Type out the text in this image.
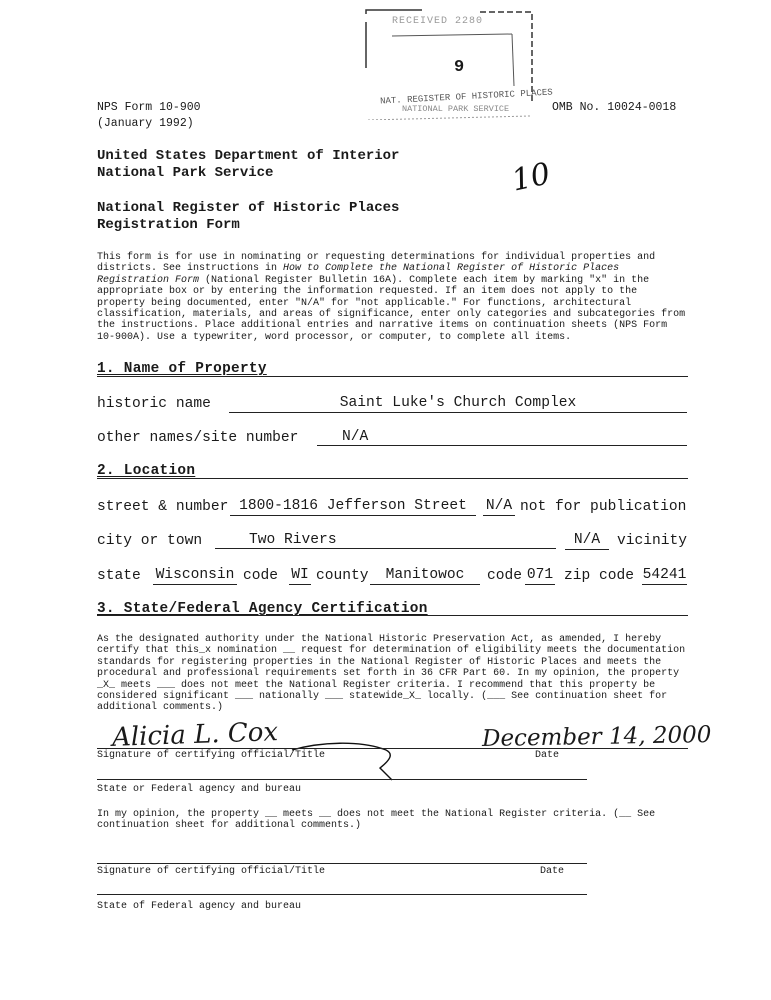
RECEIVED 2280
9
NAT. REGISTER OF HISTORIC PLACES
NATIONAL PARK SERVICE
NPS Form 10-900
(January 1992)
OMB No. 10024-0018
United States Department of Interior
National Park Service
National Register of Historic Places
Registration Form
10
This form is for use in nominating or requesting determinations for individual properties and districts. See instructions in How to Complete the National Register of Historic Places Registration Form (National Register Bulletin 16A). Complete each item by marking "x" in the appropriate box or by entering the information requested. If an item does not apply to the property being documented, enter "N/A" for "not applicable." For functions, architectural classification, materials, and areas of significance, enter only categories and subcategories from the instructions. Place additional entries and narrative items on continuation sheets (NPS Form 10-900A). Use a typewriter, word processor, or computer, to complete all items.
1. Name of Property
historic name	Saint Luke's Church Complex
other names/site number	N/A
2. Location
street & number 1800-1816 Jefferson Street	N/A not for publication
city or town	Two Rivers	N/A	vicinity
state Wisconsin code WI county	Manitowoc	code 071 zip code 54241
3. State/Federal Agency Certification
As the designated authority under the National Historic Preservation Act, as amended, I hereby certify that this_x nomination __ request for determination of eligibility meets the documentation standards for registering properties in the National Register of Historic Places and meets the procedural and professional requirements set forth in 36 CFR Part 60. In my opinion, the property _X_ meets ___ does not meet the National Register criteria. I recommend that this property be considered significant ___ nationally ___ statewide_X_ locally. (___ See continuation sheet for additional comments.)
Alicia L. Cox	December 14, 2000
Signature of certifying official/Title	Date
State or Federal agency and bureau
In my opinion, the property __ meets __ does not meet the National Register criteria. (__ See continuation sheet for additional comments.)
Signature of certifying official/Title	Date
State of Federal agency and bureau
